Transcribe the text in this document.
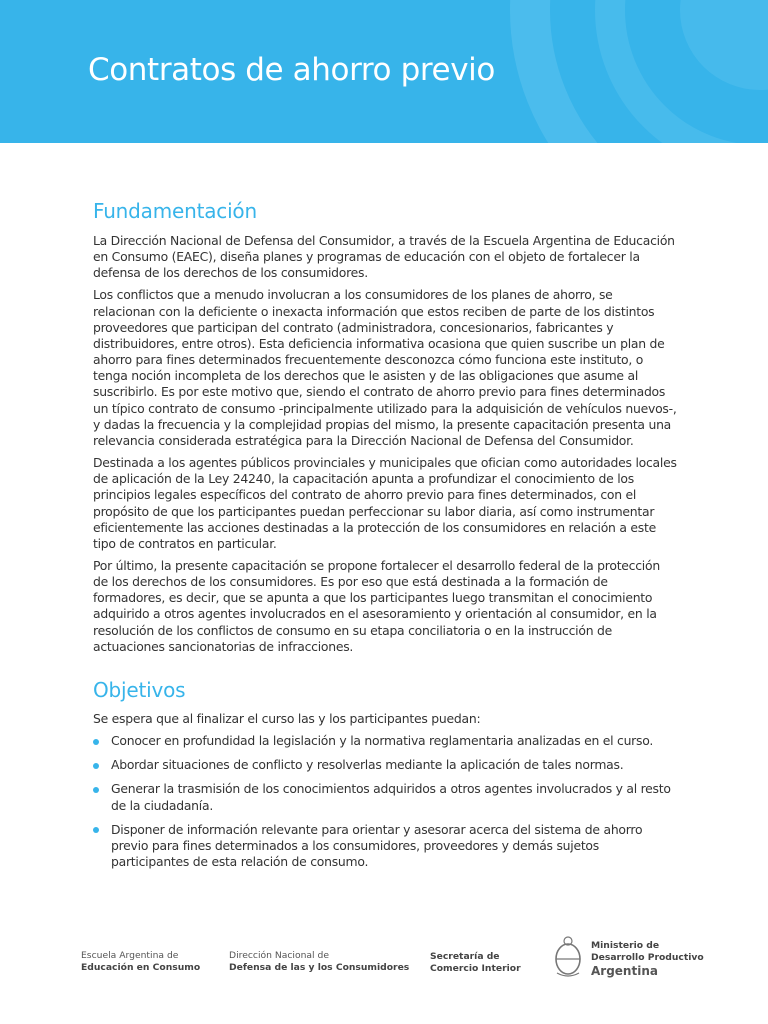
Contratos de ahorro previo
Fundamentación

La Dirección Nacional de Defensa del Consumidor, a través de la Escuela Argentina de Educación en Consumo (EAEC), diseña planes y programas de educación con el objeto de fortalecer la defensa de los derechos de los consumidores.

Los conflictos que a menudo involucran a los consumidores de los planes de ahorro, se relacionan con la deficiente o inexacta información que estos reciben de parte de los distintos proveedores que participan del contrato (administradora, concesionarios, fabricantes y distribuidores, entre otros). Esta deficiencia informativa ocasiona que quien suscribe un plan de ahorro para fines determinados frecuentemente desconozca cómo funciona este instituto, o tenga noción incompleta de los derechos que le asisten y de las obligaciones que asume al suscribirlo. Es por este motivo que, siendo el contrato de ahorro previo para fines determinados un típico contrato de consumo -principalmente utilizado para la adquisición de vehículos nuevos-, y dadas la frecuencia y la complejidad propias del mismo, la presente capacitación presenta una relevancia considerada estratégica para la Dirección Nacional de Defensa del Consumidor.

Destinada a los agentes públicos provinciales y municipales que ofician como autoridades locales de aplicación de la Ley 24240, la capacitación apunta a profundizar el conocimiento de los principios legales específicos del contrato de ahorro previo para fines determinados, con el propósito de que los participantes puedan perfeccionar su labor diaria, así como instrumentar eficientemente las acciones destinadas a la protección de los consumidores en relación a este tipo de contratos en particular.

Por último, la presente capacitación se propone fortalecer el desarrollo federal de la protección de los derechos de los consumidores. Es por eso que está destinada a la formación de formadores, es decir, que se apunta a que los participantes luego transmitan el conocimiento adquirido a otros agentes involucrados en el asesoramiento y orientación al consumidor, en la resolución de los conflictos de consumo en su etapa conciliatoria o en la instrucción de actuaciones sancionatorias de infracciones.

Objetivos

Se espera que al finalizar el curso las y los participantes puedan:

Conocer en profundidad la legislación y la normativa reglamentaria analizadas en el curso.
Abordar situaciones de conflicto y resolverlas mediante la aplicación de tales normas.
Generar la trasmisión de los conocimientos adquiridos a otros agentes involucrados y al resto de la ciudadanía.
Disponer de información relevante para orientar y asesorar acerca del sistema de ahorro previo para fines determinados a los consumidores, proveedores y demás sujetos participantes de esta relación de consumo.
Escuela Argentina de
Educación en Consumo
Dirección Nacional de
Defensa de las y los Consumidores
Secretaría de
Comercio Interior
Ministerio de
Desarrollo Productivo
Argentina
